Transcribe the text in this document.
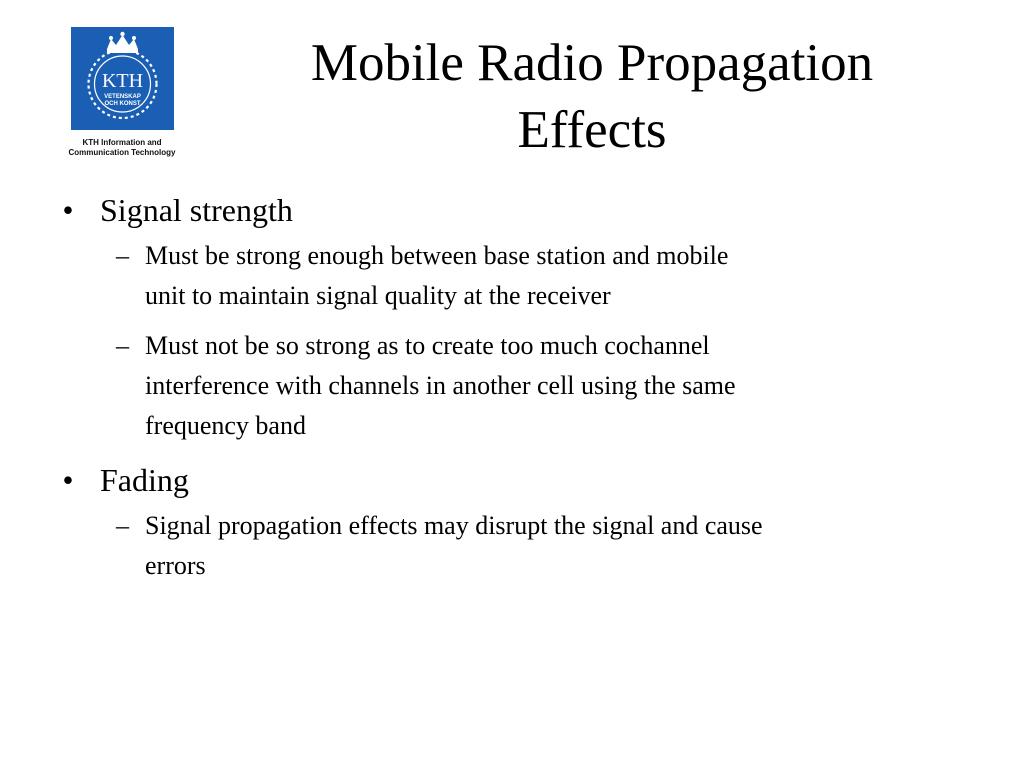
KTH
VETENSKAP
OCH KONST
KTH Information and
Communication Technology
Mobile Radio Propagation
Effects
• Signal strength
– Must be strong enough between base station and mobile
unit to maintain signal quality at the receiver
– Must not be so strong as to create too much cochannel
interference with channels in another cell using the same
frequency band
• Fading
– Signal propagation effects may disrupt the signal and cause
errors
